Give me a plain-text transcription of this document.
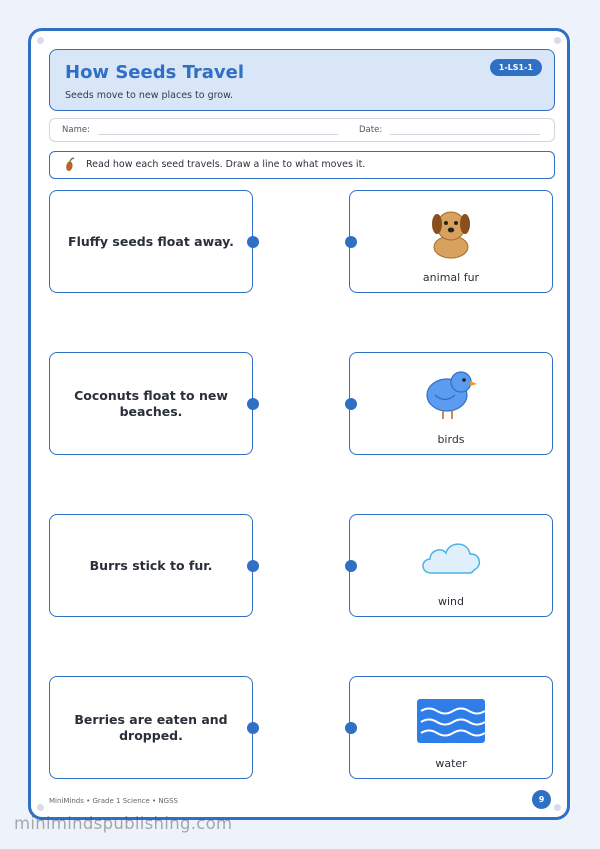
How Seeds Travel
Seeds move to new places to grow.
1-LS1-1
Name:	Date:
Read how each seed travels. Draw a line to what moves it.
Fluffy seeds float away.
animal fur
Coconuts float to new beaches.
birds
Burrs stick to fur.
wind
Berries are eaten and dropped.
water
MiniMinds • Grade 1 Science • NGSS	9
minimindspublishing.com
